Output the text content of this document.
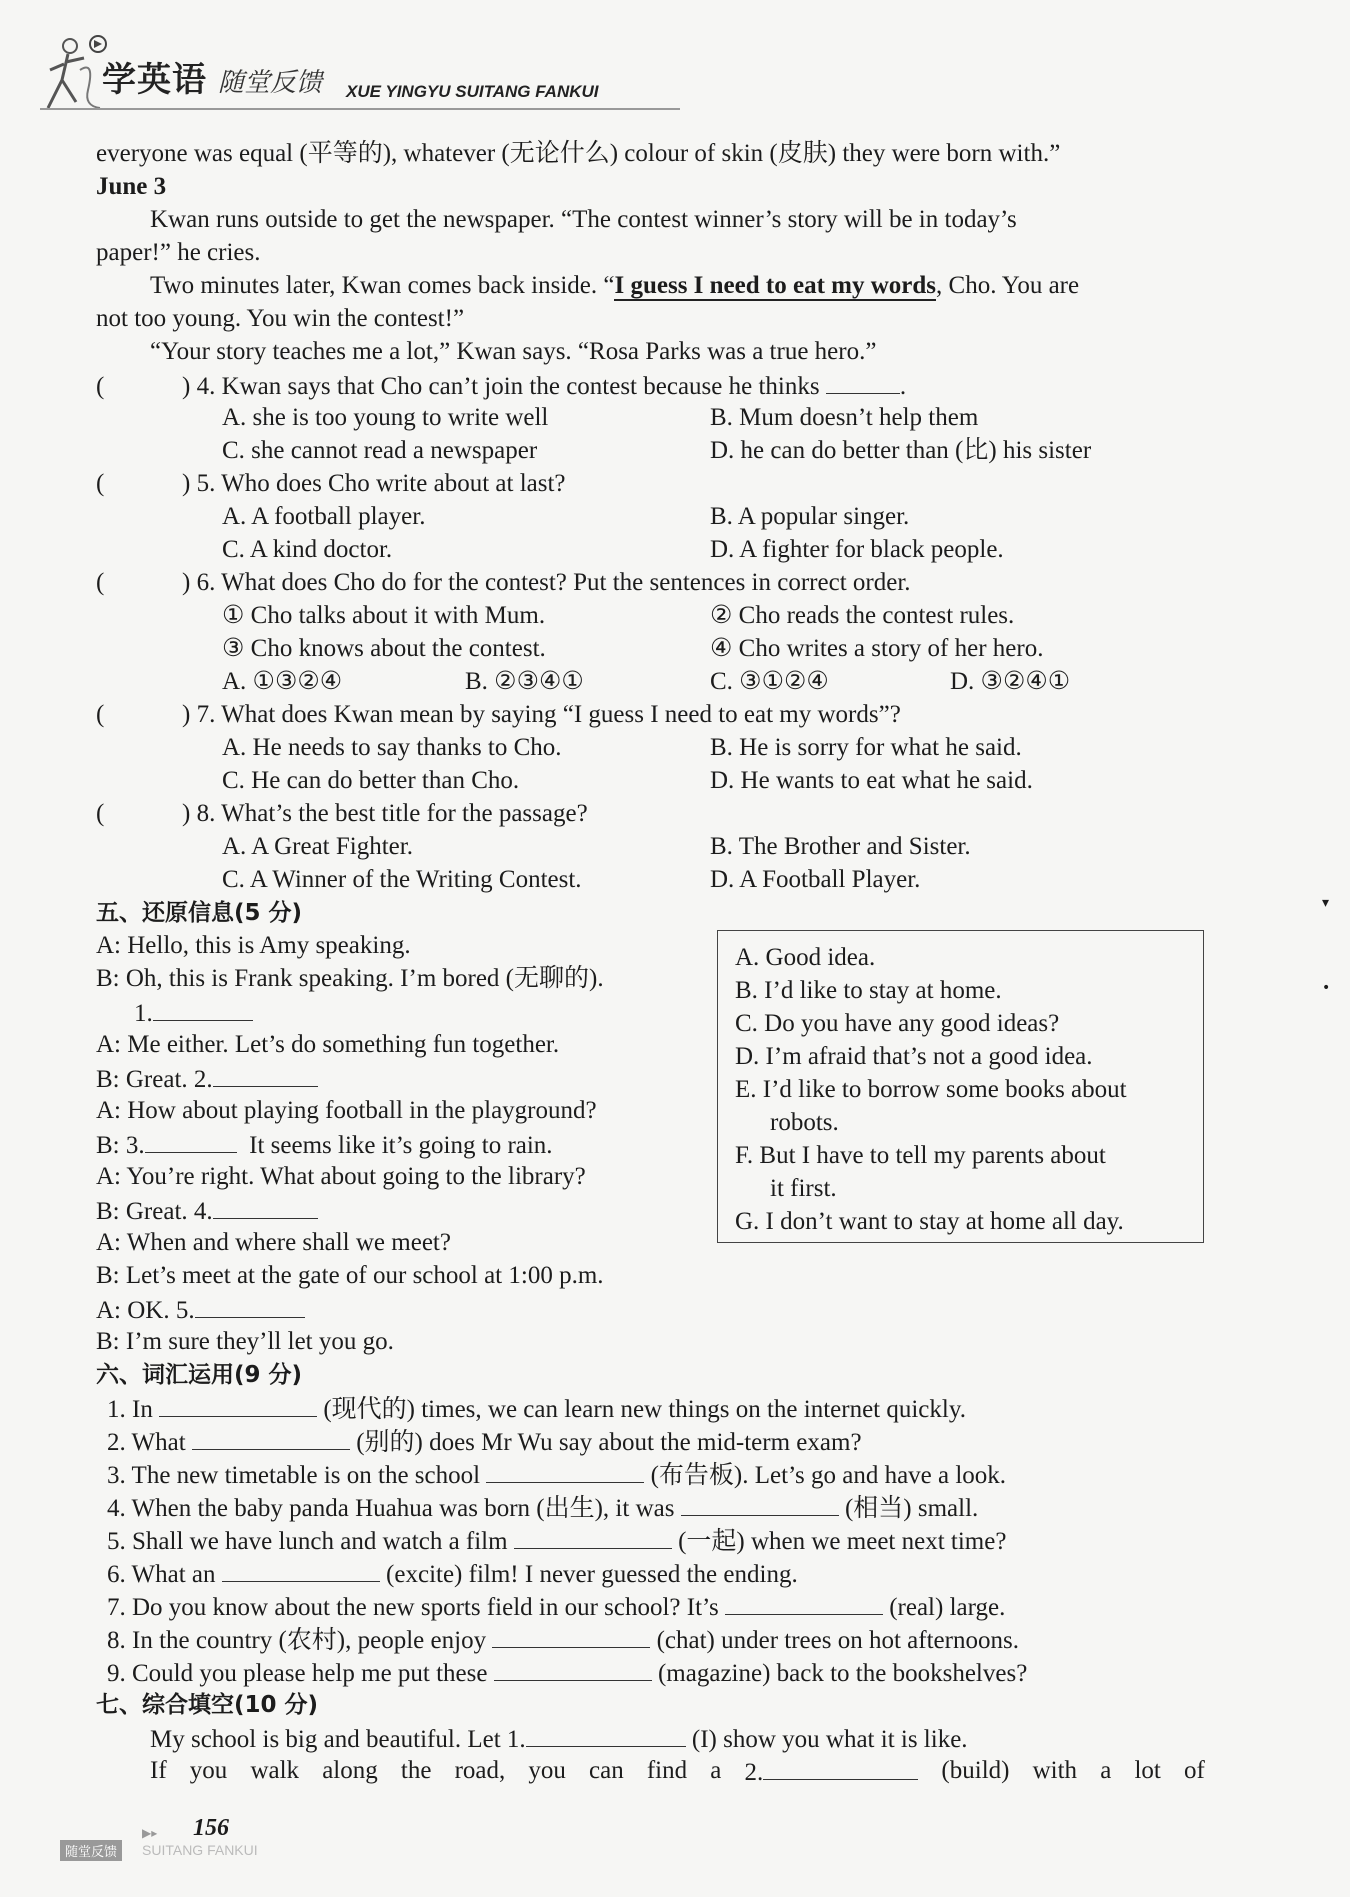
学英语 随堂反馈 XUE YINGYU SUITANG FANKUI
everyone was equal (平等的), whatever (无论什么) colour of skin (皮肤) they were born with.”
June 3
Kwan runs outside to get the newspaper. “The contest winner’s story will be in today’s
paper!” he cries.
Two minutes later, Kwan comes back inside. “I guess I need to eat my words, Cho. You are
not too young. You win the contest!”
“Your story teaches me a lot,” Kwan says. “Rosa Parks was a true hero.”
(	) 4. Kwan says that Cho can’t join the contest because he thinks	.
A. she is too young to write well	B. Mum doesn’t help them
C. she cannot read a newspaper	D. he can do better than (比) his sister
(	) 5. Who does Cho write about at last?
A. A football player.	B. A popular singer.
C. A kind doctor.	D. A fighter for black people.
(	) 6. What does Cho do for the contest? Put the sentences in correct order.
① Cho talks about it with Mum.	② Cho reads the contest rules.
③ Cho knows about the contest.	④ Cho writes a story of her hero.
A. ①③②④	B. ②③④①	C. ③①②④	D. ③②④①
(	) 7. What does Kwan mean by saying “I guess I need to eat my words”?
A. He needs to say thanks to Cho.	B. He is sorry for what he said.
C. He can do better than Cho.	D. He wants to eat what he said.
(	) 8. What’s the best title for the passage?
A. A Great Fighter.	B. The Brother and Sister.
C. A Winner of the Writing Contest.	D. A Football Player.
五、还原信息(5 分)
A: Hello, this is Amy speaking.
B: Oh, this is Frank speaking. I’m bored (无聊的).
1.
A: Me either. Let’s do something fun together.
B: Great. 2.
A: How about playing football in the playground?
B: 3.	It seems like it’s going to rain.
A: You’re right. What about going to the library?
B: Great. 4.
A: When and where shall we meet?
B: Let’s meet at the gate of our school at 1:00 p.m.
A: OK. 5.
B: I’m sure they’ll let you go.
A. Good idea.
B. I’d like to stay at home.
C. Do you have any good ideas?
D. I’m afraid that’s not a good idea.
E. I’d like to borrow some books about
robots.
F. But I have to tell my parents about
it first.
G. I don’t want to stay at home all day.
六、词汇运用(9 分)
1. In	(现代的) times, we can learn new things on the internet quickly.
2. What	(别的) does Mr Wu say about the mid-term exam?
3. The new timetable is on the school	(布告板). Let’s go and have a look.
4. When the baby panda Huahua was born (出生), it was	(相当) small.
5. Shall we have lunch and watch a film	(一起) when we meet next time?
6. What an	(excite) film! I never guessed the ending.
7. Do you know about the new sports field in our school? It’s	(real) large.
8. In the country (农村), people enjoy	(chat) under trees on hot afternoons.
9. Could you please help me put these	(magazine) back to the bookshelves?
七、综合填空(10 分)
My school is big and beautiful. Let 1.	(I) show you what it is like.
If you walk along the road, you can find a 2.	(build) with a lot of
▾
•
▶▸ 156
随堂反馈	SUITANG FANKUI
